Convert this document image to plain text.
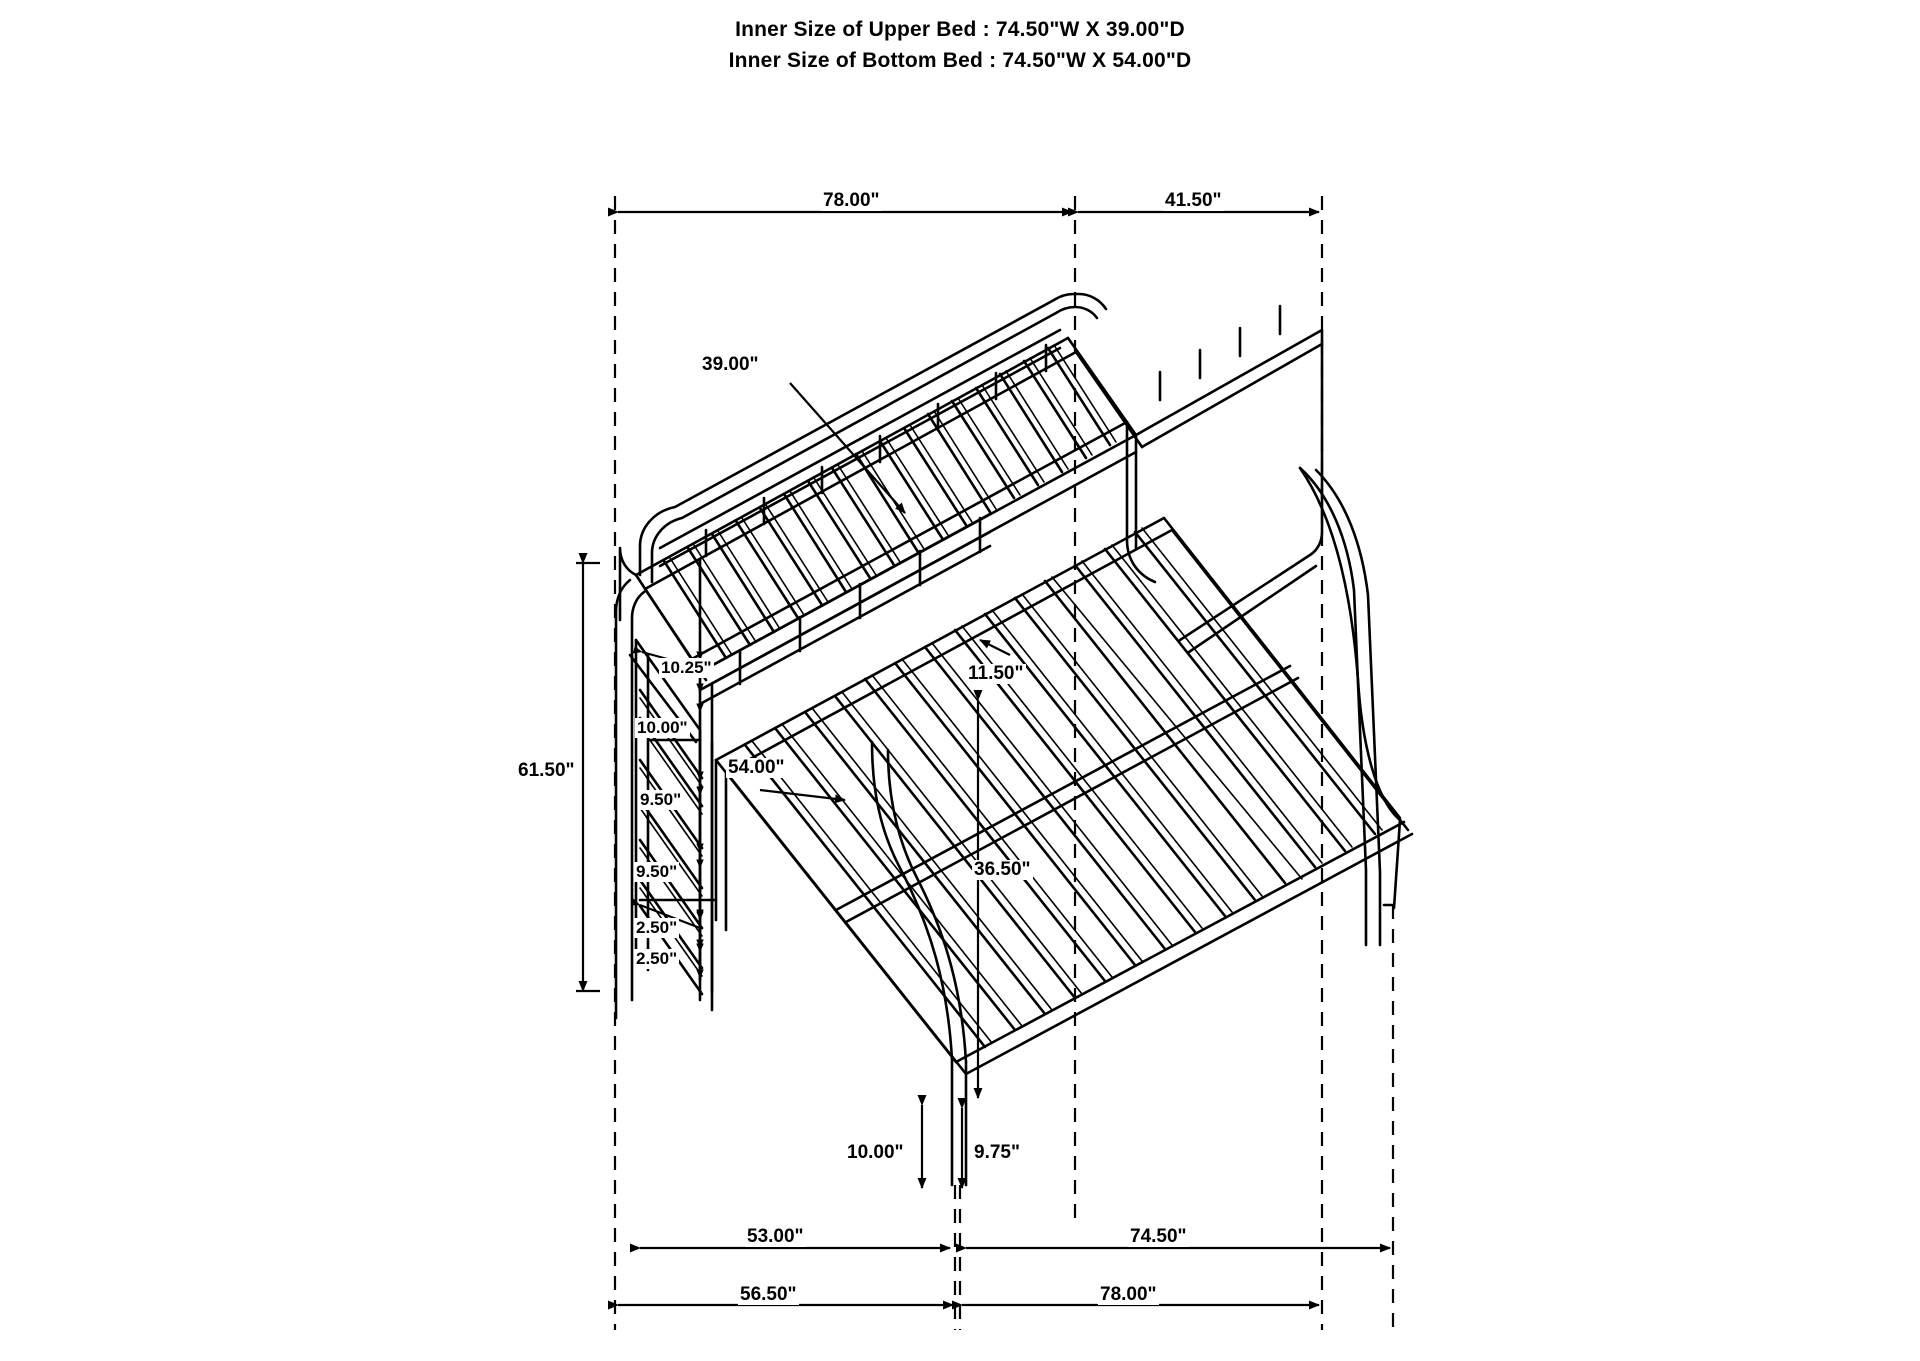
Inner Size of Upper Bed : 74.50"W X 39.00"D
Inner Size of Bottom Bed : 74.50"W X 54.00"D
78.00"	41.50"
39.00"
61.50"
10.25"
10.00"
9.50"
9.50"
2.50"
2.50"
54.00"
11.50"
36.50"
10.00"	9.75"
53.00"	74.50"
56.50"	78.00"
